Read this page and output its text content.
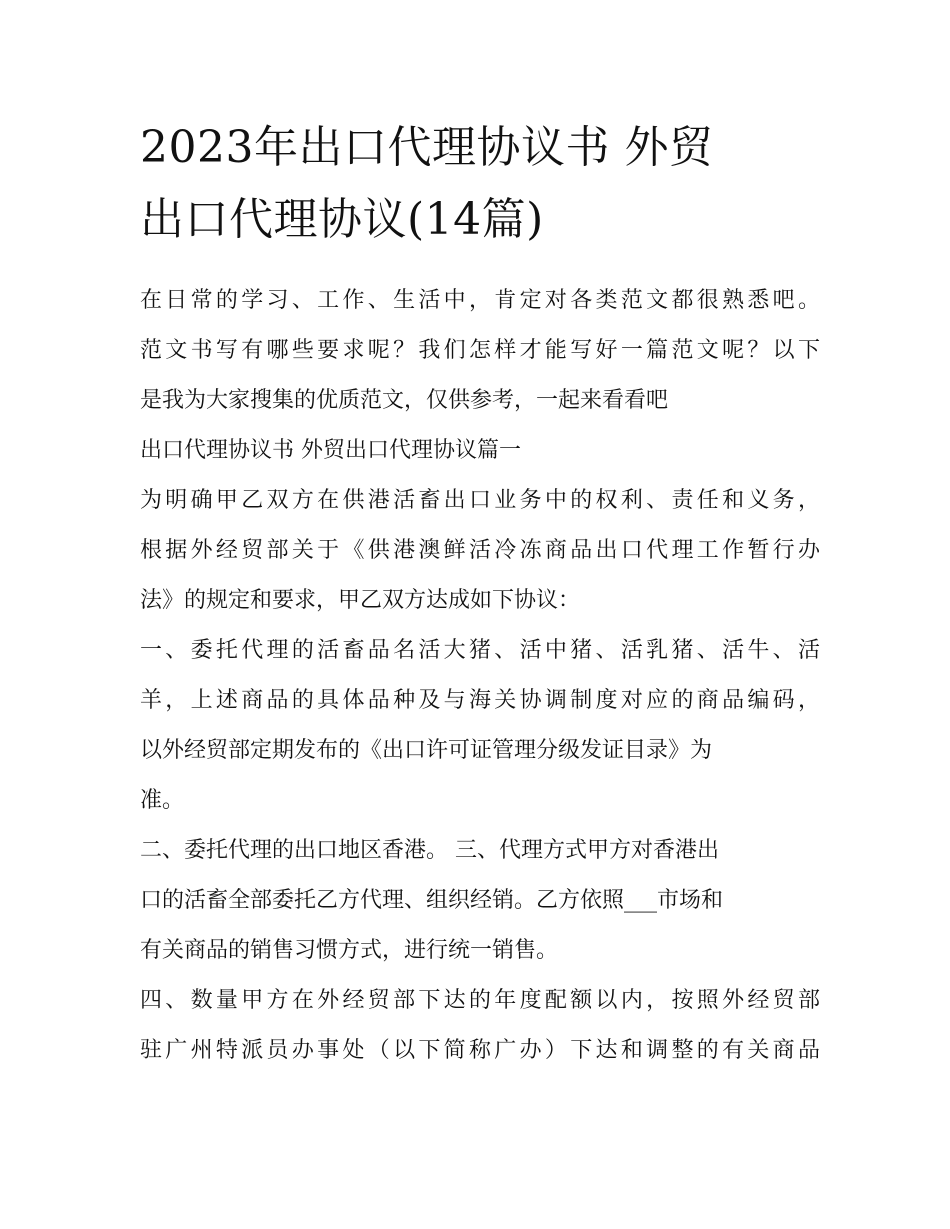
2023年出口代理协议书 外贸
出口代理协议(14篇)

在日常的学习、工作、生活中，肯定对各类范文都很熟悉吧。

范文书写有哪些要求呢？我们怎样才能写好一篇范文呢？以下

是我为大家搜集的优质范文，仅供参考，一起来看看吧

出口代理协议书 外贸出口代理协议篇一

为明确甲乙双方在供港活畜出口业务中的权利、责任和义务，

根据外经贸部关于《供港澳鲜活冷冻商品出口代理工作暂行办

法》的规定和要求，甲乙双方达成如下协议：

一、委托代理的活畜品名活大猪、活中猪、活乳猪、活牛、活

羊，上述商品的具体品种及与海关协调制度对应的商品编码，

以外经贸部定期发布的《出口许可证管理分级发证目录》为

准。

二、委托代理的出口地区香港。 三、代理方式甲方对香港出

口的活畜全部委托乙方代理、组织经销。乙方依照___市场和

有关商品的销售习惯方式，进行统一销售。

四、数量甲方在外经贸部下达的年度配额以内，按照外经贸部

驻广州特派员办事处（以下简称广办）下达和调整的有关商品
